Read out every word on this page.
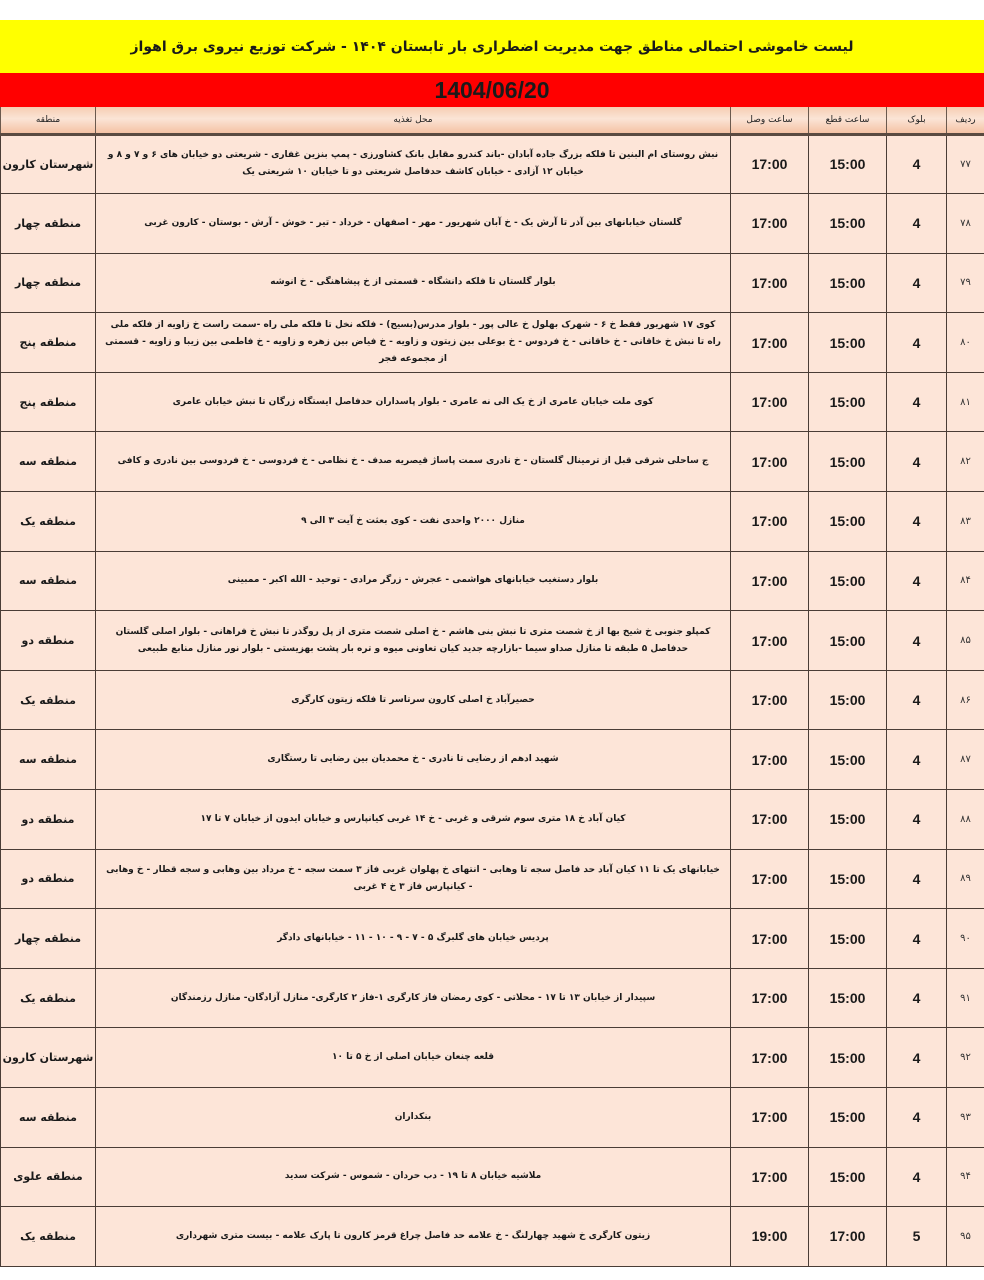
لیست خاموشی احتمالی مناطق جهت مدیریت اضطراری بار تابستان ۱۴۰۴ - شرکت توزیع نیروی برق اهواز
1404/06/20
ردیف	بلوک	ساعت قطع	ساعت وصل	محل تغذیه	منطقه
۷۷	4	15:00	17:00	نبش روستای ام البنین تا فلکه بزرگ جاده آبادان -باند کندرو مقابل بانک کشاورزی - پمپ بنزین غفاری - شریعتی دو خیابان های ۶ و ۷ و ۸ و خیابان ۱۲ آزادی - خیابان کاشف حدفاصل شریعتی دو تا خیابان ۱۰ شریعتی یک	شهرستان کارون
۷۸	4	15:00	17:00	گلستان خیابانهای بین آذر تا آرش یک - خ آبان شهریور - مهر - اصفهان - خرداد - تیر - خوش - آرش - بوستان - کارون غربی	منطقه چهار
۷۹	4	15:00	17:00	بلوار گلستان تا فلکه دانشگاه - قسمتی از خ پیشاهنگی - خ انوشه	منطقه چهار
۸۰	4	15:00	17:00	کوی ۱۷ شهریور فقط خ ۶ - شهرک بهلول خ عالی پور - بلوار مدرس(بسیج) - فلکه نخل تا فلکه ملی راه -سمت راست خ زاویه از فلکه ملی راه تا نبش خ خاقانی - خ خاقانی - خ فردوس - خ بوعلی بین زیتون و زاویه - خ فیاض بین زهره و زاویه - خ فاطمی بین زیبا و زاویه - قسمتی از مجموعه فجر	منطقه پنج
۸۱	4	15:00	17:00	کوی ملت خیابان عامری از خ یک الی نه عامری - بلوار پاسداران حدفاصل ایستگاه زرگان تا نبش خیابان عامری	منطقه پنج
۸۲	4	15:00	17:00	ج ساحلی شرقی قبل از ترمینال گلستان - خ نادری سمت پاساژ قیصریه صدف - خ نظامی - خ فردوسی - خ فردوسی بین نادری و کافی	منطقه سه
۸۳	4	15:00	17:00	منازل ۲۰۰۰ واحدی نفت - کوی بعثت خ آیت ۳ الی ۹	منطقه یک
۸۴	4	15:00	17:00	بلوار دستغیب خیابانهای هواشمی - عجرش - زرگر مرادی - توحید - الله اکبر - ممبینی	منطقه سه
۸۵	4	15:00	17:00	کمپلو جنوبی خ شیخ بها از خ شصت متری تا نبش بنی هاشم - خ اصلی شصت متری از پل روگذر تا نبش خ فراهانی - بلوار اصلی گلستان حدفاصل ۵ طبقه تا منازل صداو سیما -بازارچه جدید کیان تعاونی میوه و تره بار پشت بهزیستی - بلوار نور منازل منابع طبیعی	منطقه دو
۸۶	4	15:00	17:00	حصیرآباد خ اصلی کارون سرتاسر تا فلکه زیتون کارگری	منطقه یک
۸۷	4	15:00	17:00	شهید ادهم از رضایی تا نادری - خ محمدیان بین رضایی تا رستگاری	منطقه سه
۸۸	4	15:00	17:00	کیان آباد خ ۱۸ متری سوم شرقی و غربی - خ ۱۴ غربی کیانپارس و خیابان ایدون از خیابان ۷ تا ۱۷	منطقه دو
۸۹	4	15:00	17:00	خیابانهای یک تا ۱۱ کیان آباد حد فاصل سجه تا وهابی - انتهای خ پهلوان غربی فاز ۳ سمت سجه - خ مرداد بین وهابی و سجه قطار - خ وهابی - کیانپارس فاز ۳ خ ۴ غربی	منطقه دو
۹۰	4	15:00	17:00	پردیس خیابان های گلبرگ ۵ - ۷ - ۹ - ۱۰ - ۱۱ - خیابانهای دادگر	منطقه چهار
۹۱	4	15:00	17:00	سپیدار از خیابان ۱۳ تا ۱۷ - محلاتی - کوی رمضان فاز کارگری ۱-فاز ۲ کارگری- منازل آزادگان- منازل رزمندگان	منطقه یک
۹۲	4	15:00	17:00	قلعه چنعان خیابان اصلی از خ ۵ تا ۱۰	شهرستان کارون
۹۳	4	15:00	17:00	بنکداران	منطقه سه
۹۴	4	15:00	17:00	ملاشیه خیابان ۸ تا ۱۹ - دب حردان - شموس - شرکت سدید	منطقه علوی
۹۵	5	17:00	19:00	زیتون کارگری خ شهید چهارلنگ - خ علامه حد فاصل چراغ قرمز کارون تا پارک علامه - بیست متری شهرداری	منطقه یک
